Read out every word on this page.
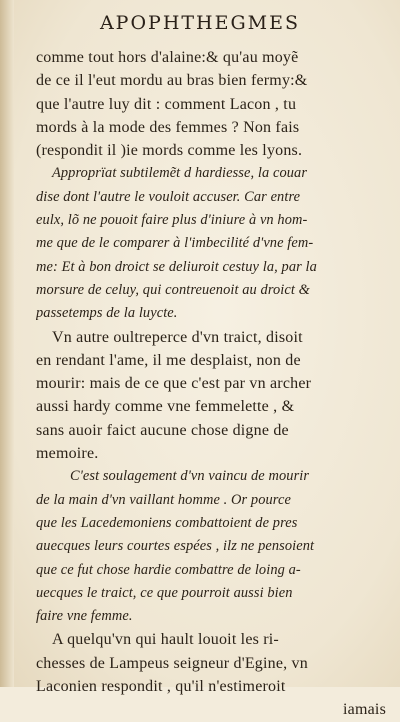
APOPHTHEGMES
comme tout hors d'alaine:& qu'au moyẽ
de ce il l'eut mordu au bras bien fermy:&
que l'autre luy dit : comment Lacon , tu
mords à la mode des femmes ? Non fais
(respondit il )ie mords comme les lyons.
Approprïat subtilemẽt d hardiesse, la couar
dise dont l'autre le vouloit accuser. Car entre
eulx, lõ ne pouoit faire plus d'iniure à vn hom-
me que de le comparer à l'imbecilité d'vne fem-
me: Et à bon droict se deliuroit cestuy la, par la
morsure de celuy, qui contreuenoit au droict &
passetemps de la luycte.
Vn autre oultreperce d'vn traict, disoit
en rendant l'ame, il me desplaist, non de
mourir: mais de ce que c'est par vn archer
aussi hardy comme vne femmelette , &
sans auoir faict aucune chose digne de
memoire.
C'est soulagement d'vn vaincu de mourir
de la main d'vn vaillant homme . Or pource
que les Lacedemoniens combattoient de pres
auecques leurs courtes espées , ilz ne pensoient
que ce fut chose hardie combattre de loing a-
uecques le traict, ce que pourroit aussi bien
faire vne femme.
A quelqu'vn qui hault louoit les ri-
chesses de Lampeus seigneur d'Egine, vn
Laconien respondit , qu'il n'estimeroit
iamais
